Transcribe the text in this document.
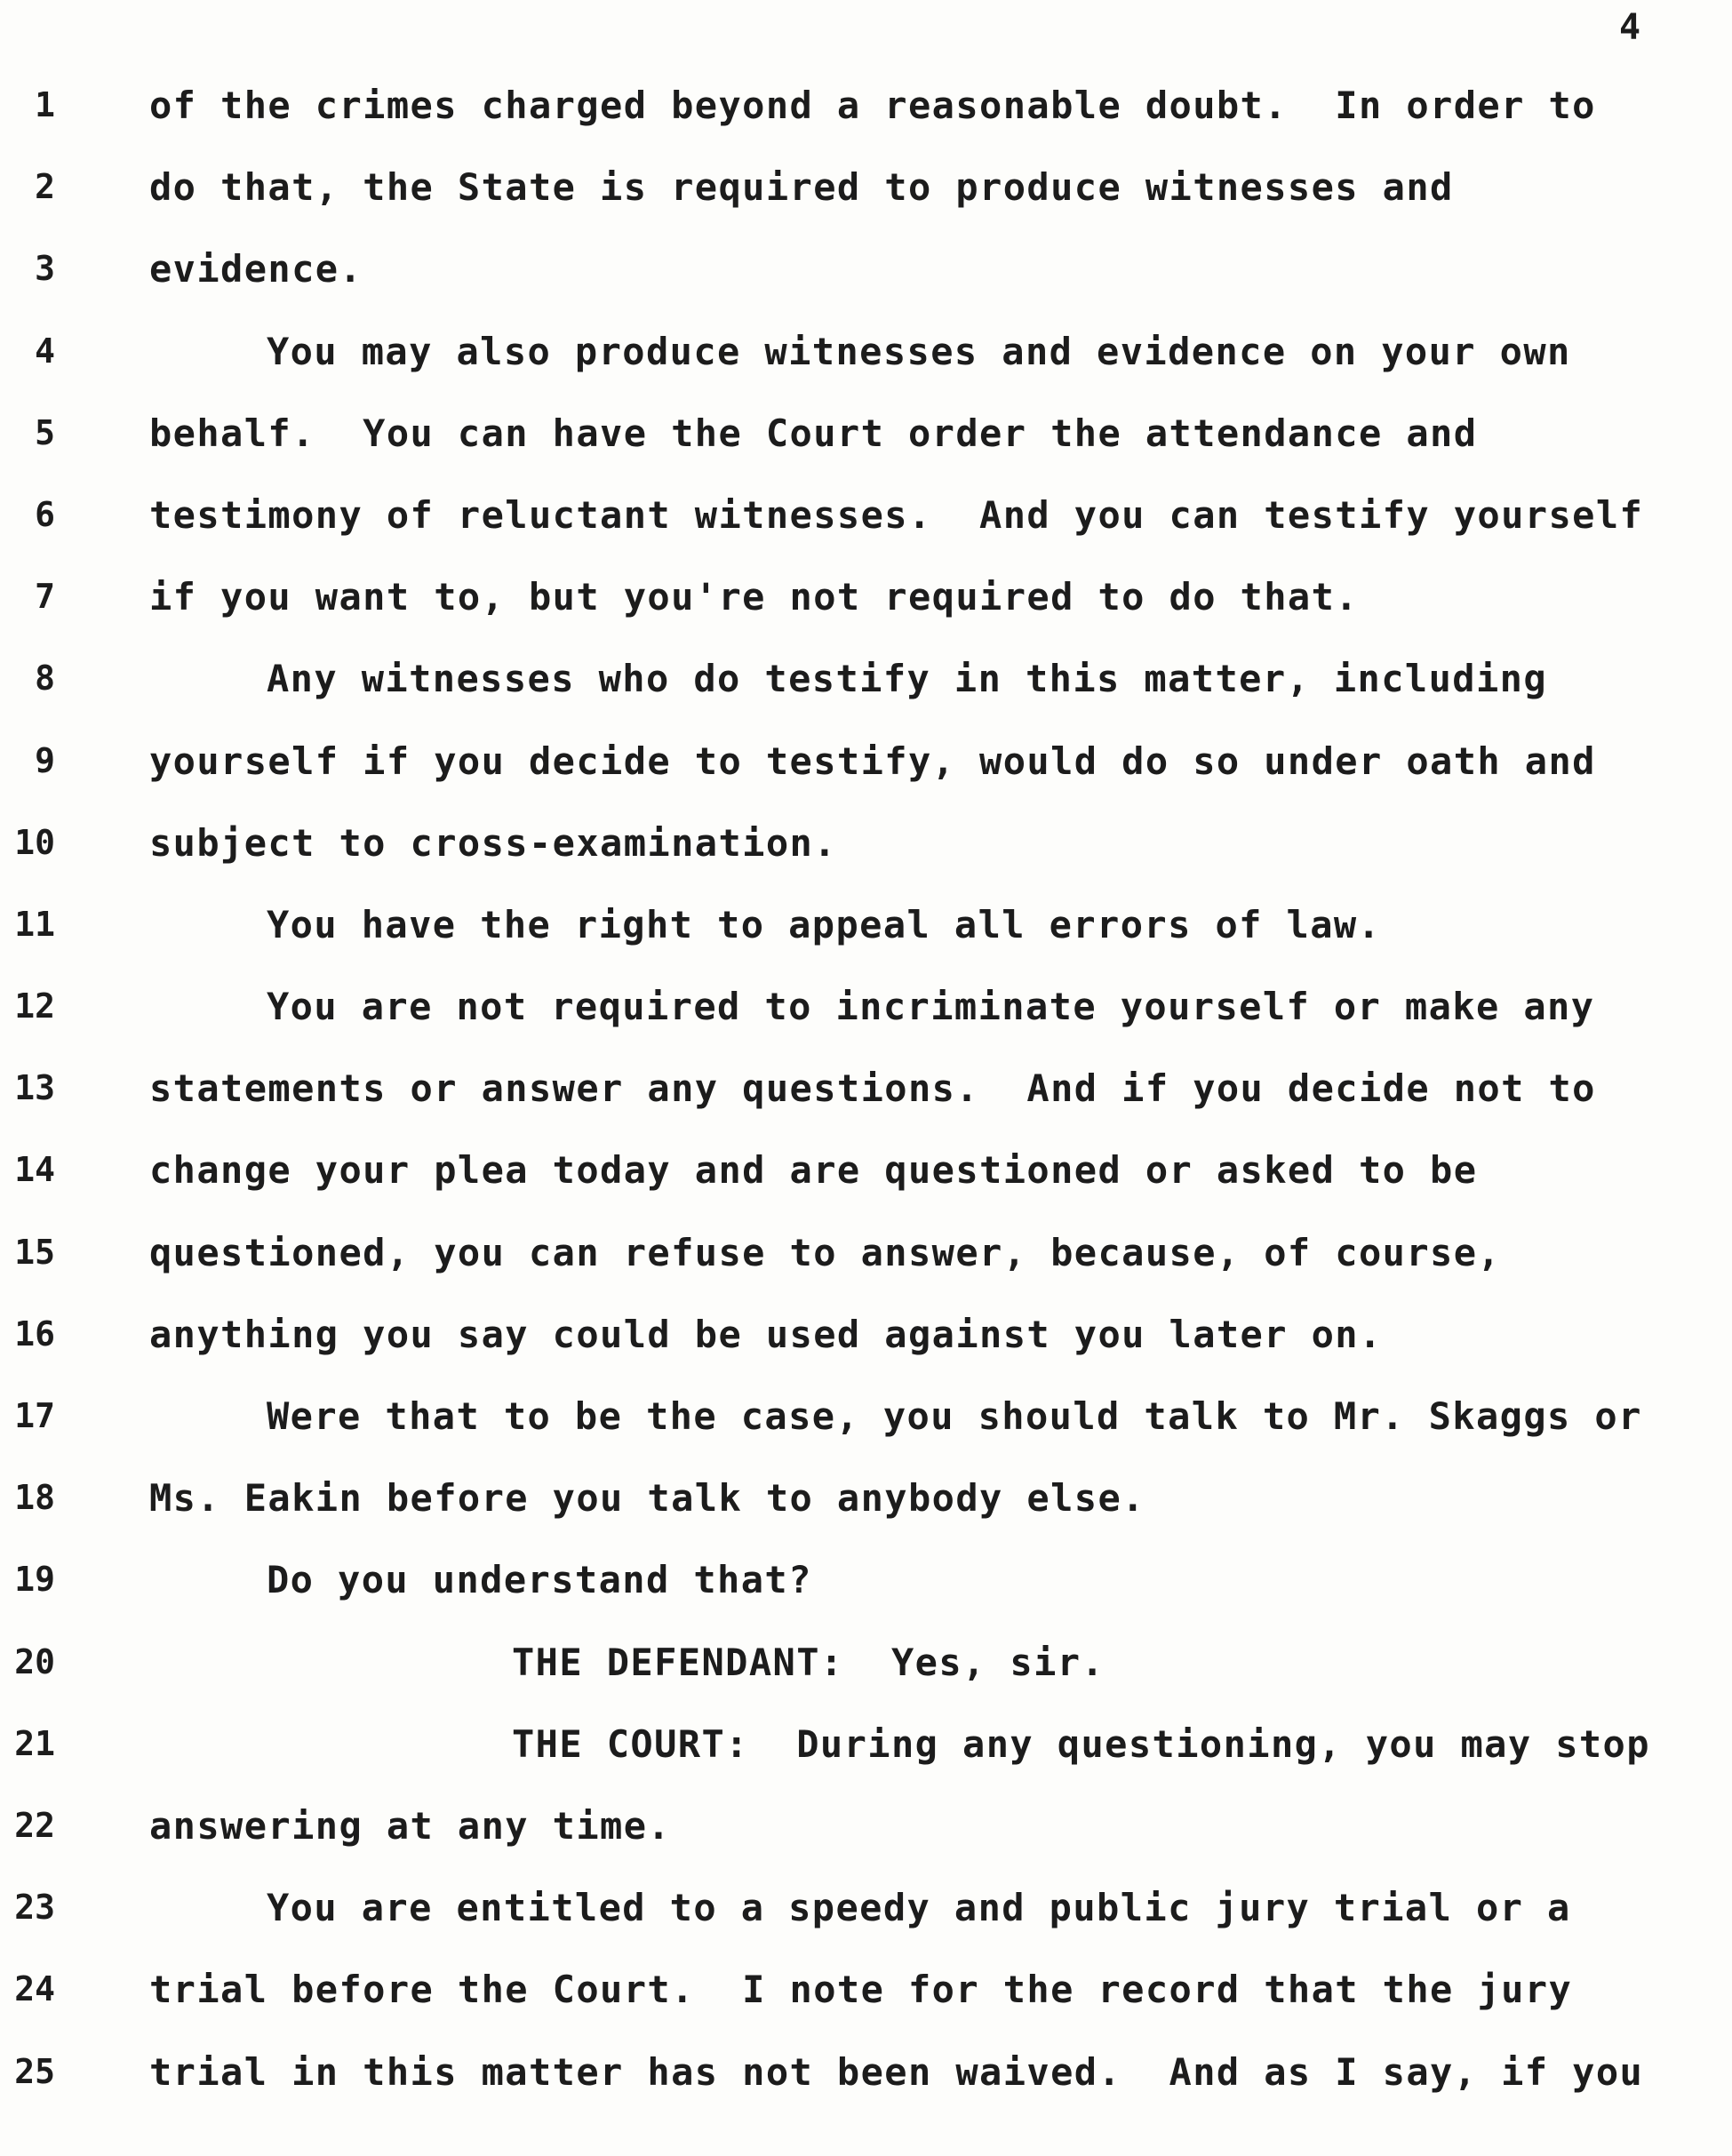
4
1	of the crimes charged beyond a reasonable doubt.  In order to
2	do that, the State is required to produce witnesses and
3	evidence.
4	You may also produce witnesses and evidence on your own
5	behalf.  You can have the Court order the attendance and
6	testimony of reluctant witnesses.  And you can testify yourself
7	if you want to, but you're not required to do that.
8	Any witnesses who do testify in this matter, including
9	yourself if you decide to testify, would do so under oath and
10	subject to cross-examination.
11	You have the right to appeal all errors of law.
12	You are not required to incriminate yourself or make any
13	statements or answer any questions.  And if you decide not to
14	change your plea today and are questioned or asked to be
15	questioned, you can refuse to answer, because, of course,
16	anything you say could be used against you later on.
17	Were that to be the case, you should talk to Mr. Skaggs or
18	Ms. Eakin before you talk to anybody else.
19	Do you understand that?
20	THE DEFENDANT:  Yes, sir.
21	THE COURT:  During any questioning, you may stop
22	answering at any time.
23	You are entitled to a speedy and public jury trial or a
24	trial before the Court.  I note for the record that the jury
25	trial in this matter has not been waived.  And as I say, if you
